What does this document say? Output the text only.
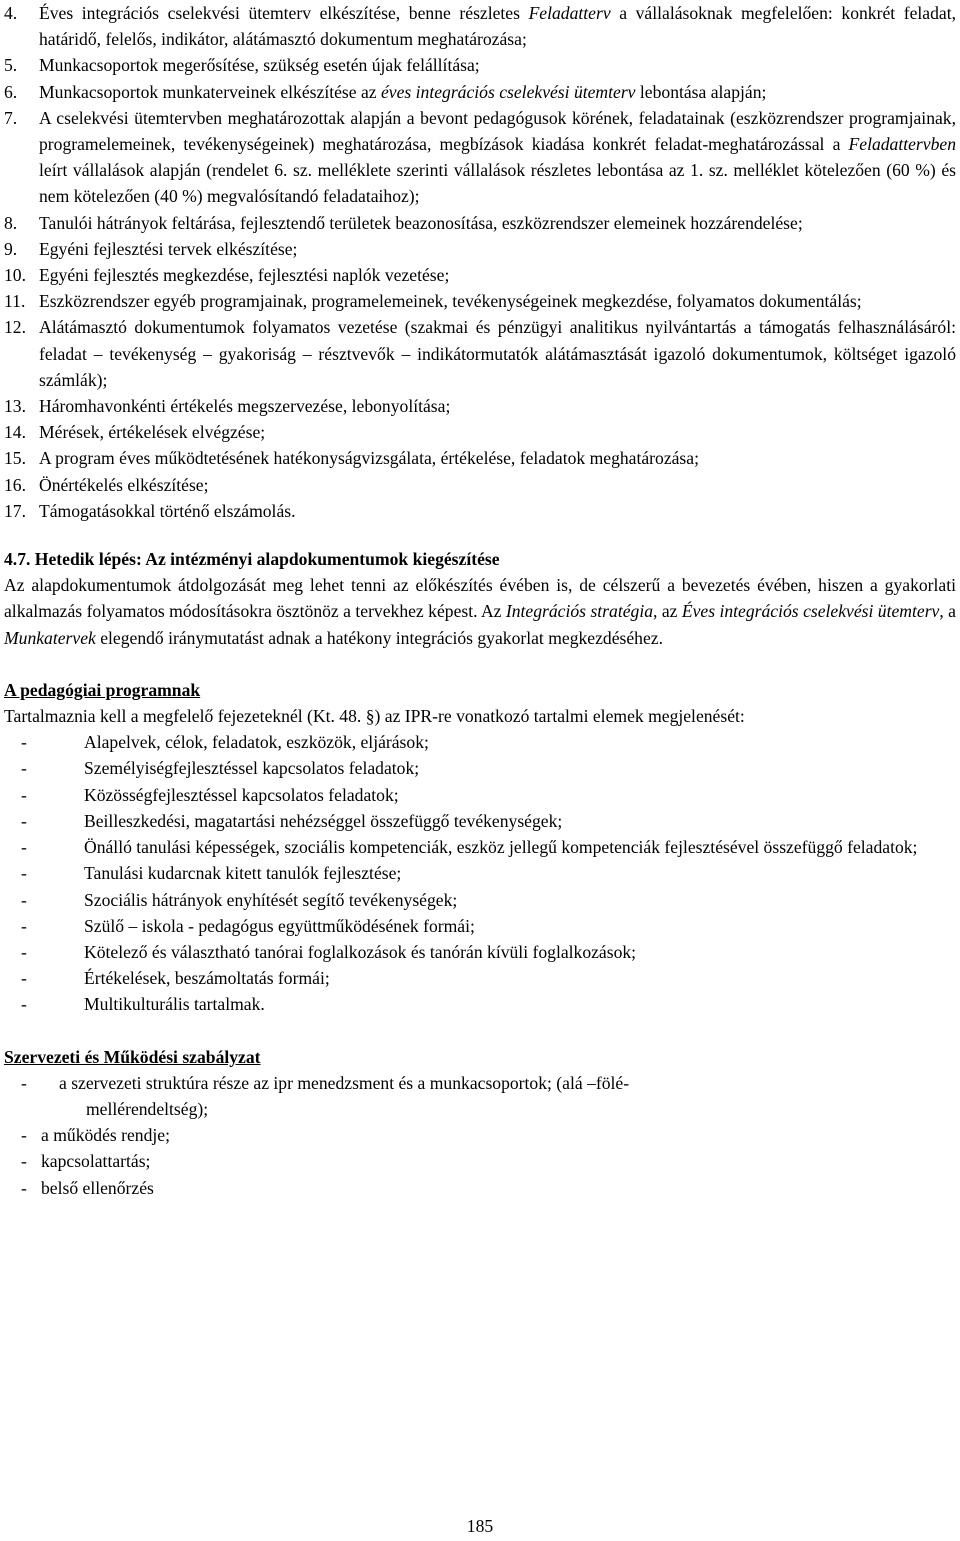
4.	Éves integrációs cselekvési ütemterv elkészítése, benne részletes Feladatterv a vállalásoknak megfelelően: konkrét feladat, határidő, felelős, indikátor, alátámasztó dokumentum meghatározása;
5.	Munkacsoportok megerősítése, szükség esetén újak felállítása;
6.	Munkacsoportok munkaterveinek elkészítése az éves integrációs cselekvési ütemterv lebontása alapján;
7.	A cselekvési ütemtervben meghatározottak alapján a bevont pedagógusok körének, feladatainak (eszközrendszer programjainak, programelemeinek, tevékenységeinek) meghatározása, megbízások kiadása konkrét feladat-meghatározással a Feladattervben leírt vállalások alapján (rendelet 6. sz. melléklete szerinti vállalások részletes lebontása az 1. sz. melléklet kötelezően (60 %) és nem kötelezően (40 %) megvalósítandó feladataihoz);
8.	Tanulói hátrányok feltárása, fejlesztendő területek beazonosítása, eszközrendszer elemeinek hozzárendelése;
9.	Egyéni fejlesztési tervek elkészítése;
10. Egyéni fejlesztés megkezdése, fejlesztési naplók vezetése;
11. Eszközrendszer egyéb programjainak, programelemeinek, tevékenységeinek megkezdése, folyamatos dokumentálás;
12. Alátámasztó dokumentumok folyamatos vezetése (szakmai és pénzügyi analitikus nyilvántartás a támogatás felhasználásáról: feladat – tevékenység – gyakoriság – résztvevők – indikátormutatók alátámasztását igazoló dokumentumok, költséget igazoló számlák);
13. Háromhavonkénti értékelés megszervezése, lebonyolítása;
14. Mérések, értékelések elvégzése;
15. A program éves működtetésének hatékonyságvizsgálata, értékelése, feladatok meghatározása;
16. Önértékelés elkészítése;
17. Támogatásokkal történő elszámolás.

4.7. Hetedik lépés: Az intézményi alapdokumentumok kiegészítése

Az alapdokumentumok átdolgozását meg lehet tenni az előkészítés évében is, de célszerű a bevezetés évében, hiszen a gyakorlati alkalmazás folyamatos módosításokra ösztönöz a tervekhez képest. Az Integrációs stratégia, az Éves integrációs cselekvési ütemterv, a Munkatervek elegendő iránymutatást adnak a hatékony integrációs gyakorlat megkezdéséhez.

A pedagógiai programnak

Tartalmaznia kell a megfelelő fejezeteknél (Kt. 48. §) az IPR-re vonatkozó tartalmi elemek megjelenését:

-	Alapelvek, célok, feladatok, eszközök, eljárások;
-	Személyiségfejlesztéssel kapcsolatos feladatok;
-	Közösségfejlesztéssel kapcsolatos feladatok;
-	Beilleszkedési, magatartási nehézséggel összefüggő tevékenységek;
-	Önálló tanulási képességek, szociális kompetenciák, eszköz jellegű kompetenciák fejlesztésével összefüggő feladatok;
-	Tanulási kudarcnak kitett tanulók fejlesztése;
-	Szociális hátrányok enyhítését segítő tevékenységek;
-	Szülő – iskola - pedagógus együttműködésének formái;
-	Kötelező és választható tanórai foglalkozások és tanórán kívüli foglalkozások;
-	Értékelések, beszámoltatás formái;
-	Multikulturális tartalmak.

Szervezeti és Működési szabályzat

-	a szervezeti struktúra része az ipr menedzsment és a munkacsoportok; (alá –fölé-
mellérendeltség);
- a működés rendje;
- kapcsolattartás;
- belső ellenőrzés
185
